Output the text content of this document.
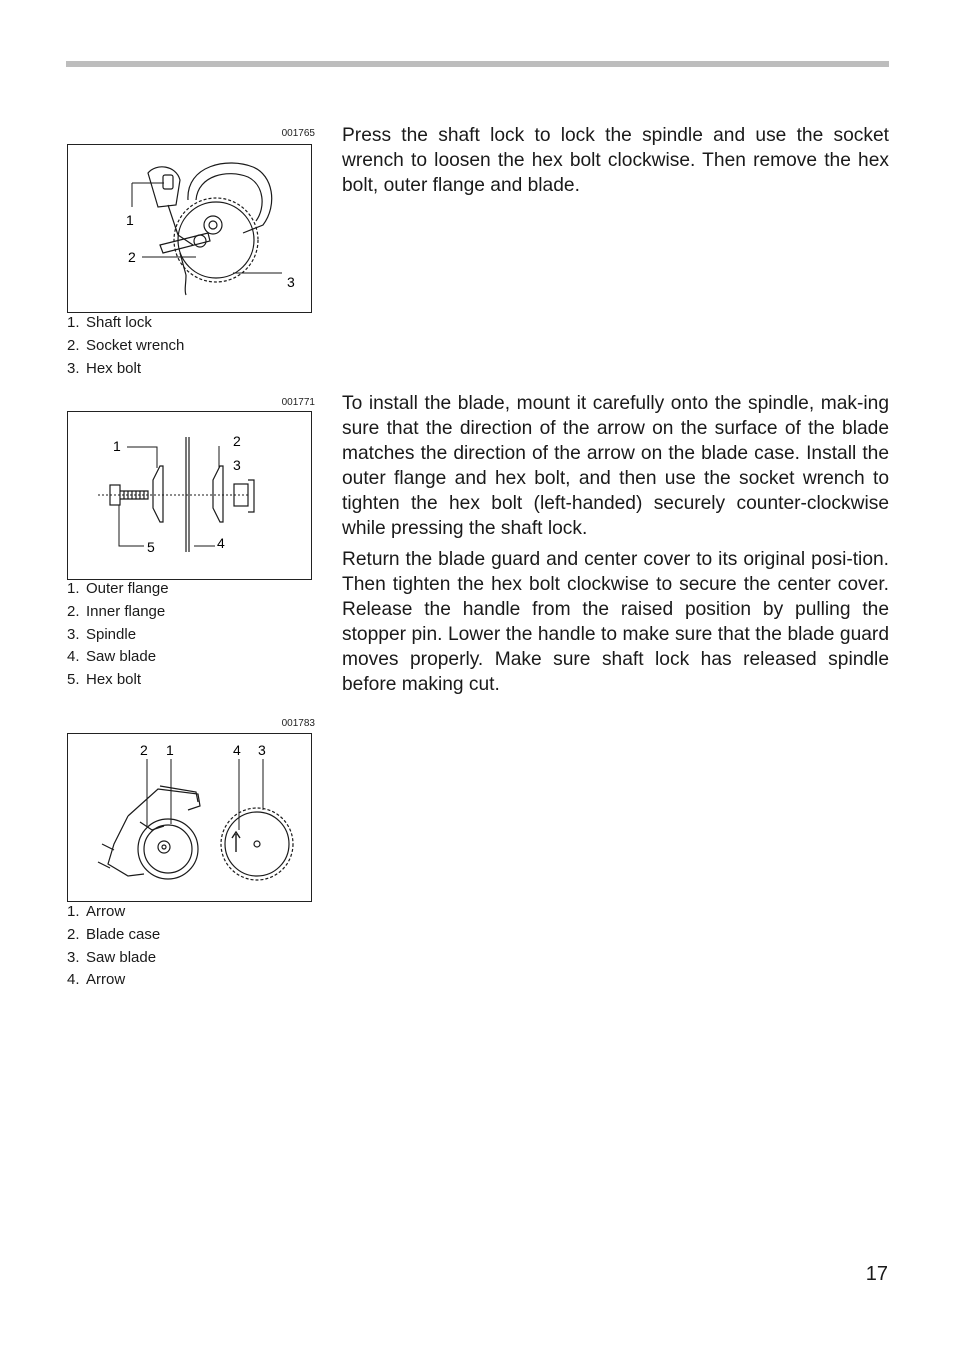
001765
1
2
3
1. Shaft lock
2. Socket wrench
3. Hex bolt

Press the shaft lock to lock the spindle and use the socket wrench to loosen the hex bolt clockwise. Then remove the hex bolt, outer flange and blade.

001771
1	2
3
4
5
1. Outer flange
2. Inner flange
3. Spindle
4. Saw blade
5. Hex bolt

To install the blade, mount it carefully onto the spindle, mak-ing sure that the direction of the arrow on the surface of the blade matches the direction of the arrow on the blade case. Install the outer flange and hex bolt, and then use the socket wrench to tighten the hex bolt (left-handed) securely counter-clockwise while pressing the shaft lock.

Return the blade guard and center cover to its original posi-tion. Then tighten the hex bolt clockwise to secure the center cover. Release the handle from the raised position by pulling the stopper pin. Lower the handle to make sure that the blade guard moves properly. Make sure shaft lock has released spindle before making cut.

001783
2 1	4 3
1. Arrow
2. Blade case
3. Saw blade
4. Arrow
17
